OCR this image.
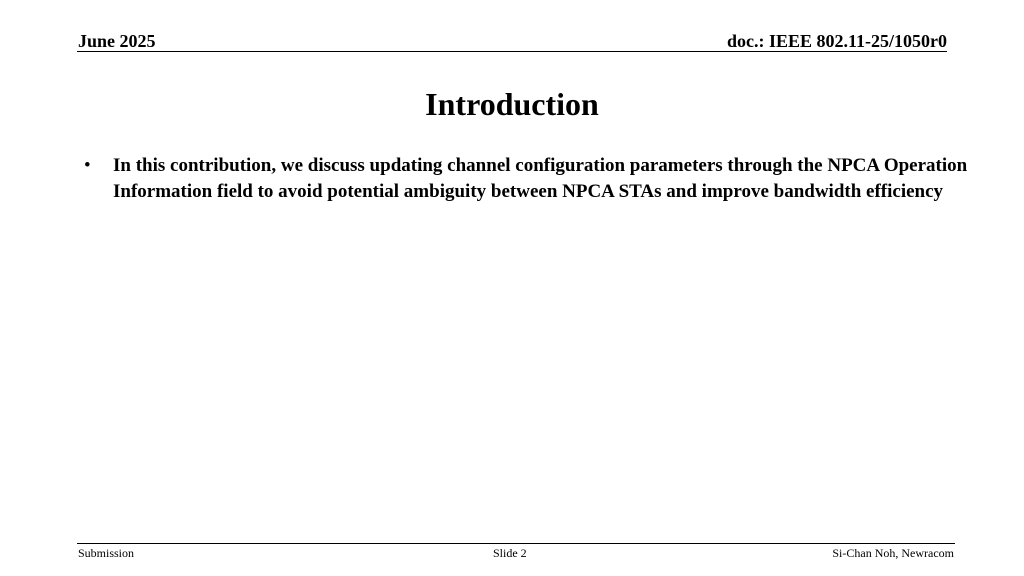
June 2025	doc.: IEEE 802.11-25/1050r0
Introduction
• In this contribution, we discuss updating channel configuration parameters through the NPCA Operation Information field to avoid potential ambiguity between NPCA STAs and improve bandwidth efficiency
Submission	Slide 2	Si-Chan Noh, Newracom
